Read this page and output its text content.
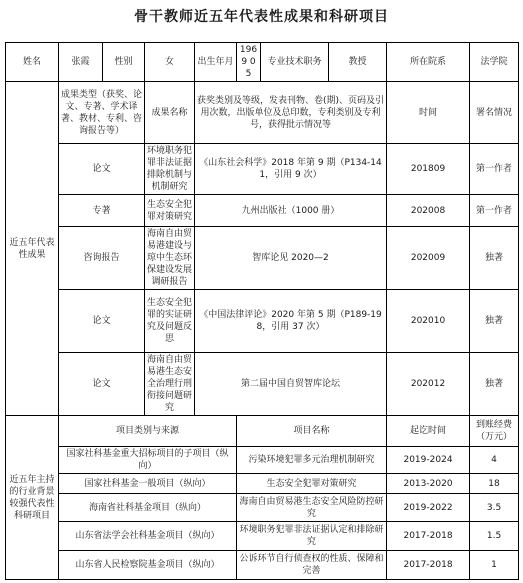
骨干教师近五年代表性成果和科研项目
姓名	张霞	性别	女	出生年月	1969 05	专业技术职务	教授	所在院系	法学院
近五年代表性成果	成果类型（获奖、论文、专著、学术译著、教材、专利、咨询报告等）		成果名称	获奖类别及等级，发表刊物、卷(期)、页码及引用次数，出版单位及总印数，专利类别及专利号，获得批示情况等				时间	署名情况
	论文		环境职务犯罪非法证据排除机制与机制研究	《山东社会科学》2018 年第 9 期（P134-141，引用 9 次）				201809	第一作者
	专著		生态安全犯罪对策研究	九州出版社（1000 册）				202008	第一作者
	咨询报告		海南自由贸易港建设与琼中生态环保建设发展调研报告	智库论见 2020—2				202009	独著
	论文		生态安全犯罪的实证研究及问题反思	《中国法律评论》2020 年第 5 期（P189-198，引用 37 次）				202010	独著
	论文		海南自由贸易港生态安全治理行刑衔接问题研究	第二届中国自贸智库论坛				202012	独著
近五年主持的行业背景较强代表性科研项目	项目类别与来源				项目名称			起讫时间	到账经费（万元）
	国家社科基金重大招标项目的子项目（纵向）				污染环境犯罪多元治理机制研究			2019-2024	4
	国家社科基金一般项目（纵向）				生态安全犯罪对策研究			2013-2020	18
	海南省社科基金项目（纵向）				海南自由贸易港生态安全风险防控研究			2019-2022	3.5
	山东省法学会社科基金项目（纵向）				环境职务犯罪非法证据认定和排除研究			2017-2018	1.5
	山东省人民检察院基金项目（纵向）				公诉环节自行侦查权的性质、保障和完善			2017-2018	1
